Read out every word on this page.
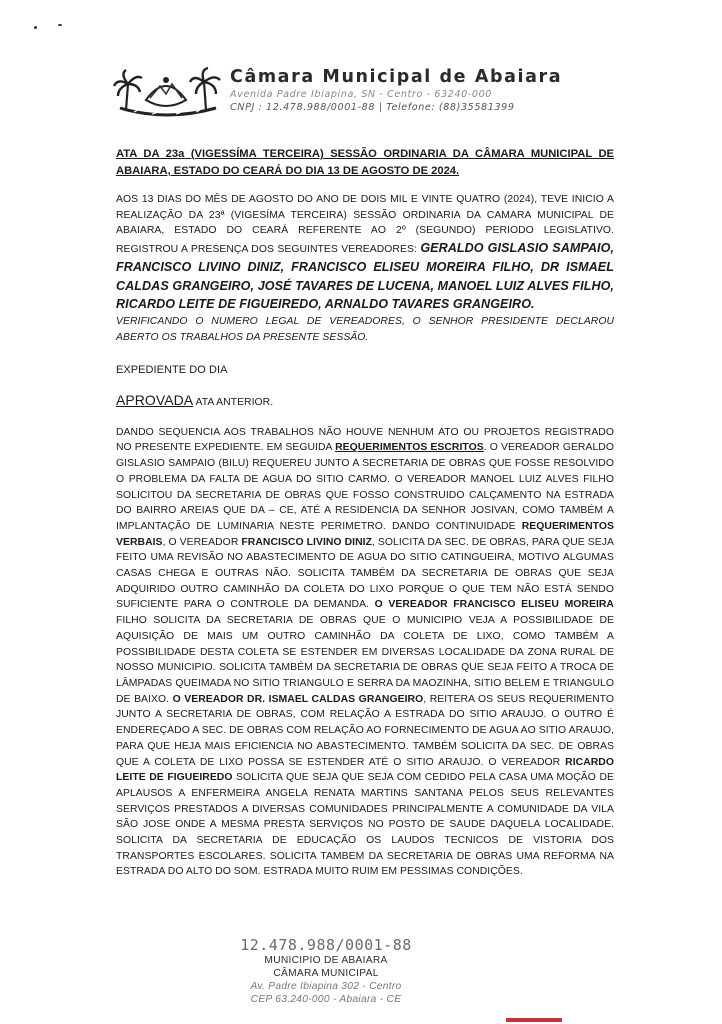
Câmara Municipal de Abaiara
Avenida Padre Ibiapina, SN - Centro - 63240-000
CNPJ : 12.478.988/0001-88 | Telefone: (88)35581399
ATA DA 23a (VIGESSÍMA TERCEIRA) SESSÃO ORDINARIA DA CÂMARA MUNICIPAL DE ABAIARA, ESTADO DO CEARÁ DO DIA 13 DE AGOSTO DE 2024.

AOS 13 DIAS DO MÊS DE AGOSTO DO ANO DE DOIS MIL E VINTE QUATRO (2024), TEVE INICIO A REALIZAÇÃO DA 23ª (VIGESÍMA TERCEIRA) SESSÃO ORDINARIA DA CAMARA MUNICIPAL DE ABAIARA, ESTADO DO CEARÁ REFERENTE AO 2º (SEGUNDO) PERIODO LEGISLATIVO. REGISTROU A PRESENÇA DOS SEGUINTES VEREADORES: GERALDO GISLASIO SAMPAIO, FRANCISCO LIVINO DINIZ, FRANCISCO ELISEU MOREIRA FILHO, DR ISMAEL CALDAS GRANGEIRO, JOSÉ TAVARES DE LUCENA, MANOEL LUIZ ALVES FILHO, RICARDO LEITE DE FIGUEIREDO, ARNALDO TAVARES GRANGEIRO.

VERIFICANDO O NUMERO LEGAL DE VEREADORES, O SENHOR PRESIDENTE DECLAROU ABERTO OS TRABALHOS DA PRESENTE SESSÃO.

EXPEDIENTE DO DIA

APROVADA ATA ANTERIOR.

DANDO SEQUENCIA AOS TRABALHOS NÃO HOUVE NENHUM ATO OU PROJETOS REGISTRADO NO PRESENTE EXPEDIENTE. EM SEGUIDA REQUERIMENTOS ESCRITOS. O VEREADOR GERALDO GISLASIO SAMPAIO (BILU) REQUEREU JUNTO A SECRETARIA DE OBRAS QUE FOSSE RESOLVIDO O PROBLEMA DA FALTA DE AGUA DO SITIO CARMO. O VEREADOR MANOEL LUIZ ALVES FILHO SOLICITOU DA SECRETARIA DE OBRAS QUE FOSSO CONSTRUIDO CALÇAMENTO NA ESTRADA DO BAIRRO AREIAS QUE DA – CE, ATÉ A RESIDENCIA DA SENHOR JOSIVAN, COMO TAMBÉM A IMPLANTAÇÃO DE LUMINARIA NESTE PERIMETRO. DANDO CONTINUIDADE REQUERIMENTOS VERBAIS, O VEREADOR FRANCISCO LIVINO DINIZ, SOLICITA DA SEC. DE OBRAS, PARA QUE SEJA FEITO UMA REVISÃO NO ABASTECIMENTO DE AGUA DO SITIO CATINGUEIRA, MOTIVO ALGUMAS CASAS CHEGA E OUTRAS NÃO. SOLICITA TAMBÉM DA SECRETARIA DE OBRAS QUE SEJA ADQUIRIDO OUTRO CAMINHÃO DA COLETA DO LIXO PORQUE O QUE TEM NÃO ESTÁ SENDO SUFICIENTE PARA O CONTROLE DA DEMANDA. O VEREADOR FRANCISCO ELISEU MOREIRA FILHO SOLICITA DA SECRETARIA DE OBRAS QUE O MUNICIPIO VEJA A POSSIBILIDADE DE AQUISIÇÃO DE MAIS UM OUTRO CAMINHÃO DA COLETA DE LIXO, COMO TAMBÉM A POSSIBILIDADE DESTA COLETA SE ESTENDER EM DIVERSAS LOCALIDADE DA ZONA RURAL DE NOSSO MUNICIPIO. SOLICITA TAMBÉM DA SECRETARIA DE OBRAS QUE SEJA FEITO A TROCA DE LÂMPADAS QUEIMADA NO SITIO TRIANGULO E SERRA DA MAOZINHA, SITIO BELEM E TRIANGULO DE BAIXO. O VEREADOR DR. ISMAEL CALDAS GRANGEIRO, REITERA OS SEUS REQUERIMENTO JUNTO A SECRETARIA DE OBRAS, COM RELAÇÃO A ESTRADA DO SITIO ARAUJO. O OUTRO É ENDEREÇADO A SEC. DE OBRAS COM RELAÇÃO AO FORNECIMENTO DE AGUA AO SITIO ARAUJO, PARA QUE HEJA MAIS EFICIENCIA NO ABASTECIMENTO. TAMBÉM SOLICITA DA SEC. DE OBRAS QUE A COLETA DE LIXO POSSA SE ESTENDER ATÉ O SITIO ARAUJO. O VEREADOR RICARDO LEITE DE FIGUEIREDO SOLICITA QUE SEJA QUE SEJA COM CEDIDO PELA CASA UMA MOÇÃO DE APLAUSOS A ENFERMEIRA ANGELA RENATA MARTINS SANTANA PELOS SEUS RELEVANTES SERVIÇOS PRESTADOS A DIVERSAS COMUNIDADES PRINCIPALMENTE A COMUNIDADE DA VILA SÃO JOSE ONDE A MESMA PRESTA SERVIÇOS NO POSTO DE SAUDE DAQUELA LOCALIDADE. SOLICITA DA SECRETARIA DE EDUCAÇÃO OS LAUDOS TECNICOS DE VISTORIA DOS TRANSPORTES ESCOLARES. SOLICITA TAMBEM DA SECRETARIA DE OBRAS UMA REFORMA NA ESTRADA DO ALTO DO SOM. ESTRADA MUITO RUIM EM PESSIMAS CONDIÇÕES.

12.478.988/0001-88
MUNICIPIO DE ABAIARA
CÂMARA MUNICIPAL
Av. Padre Ibiapina 302 - Centro
CEP 63.240-000 - Abaiara - CE
